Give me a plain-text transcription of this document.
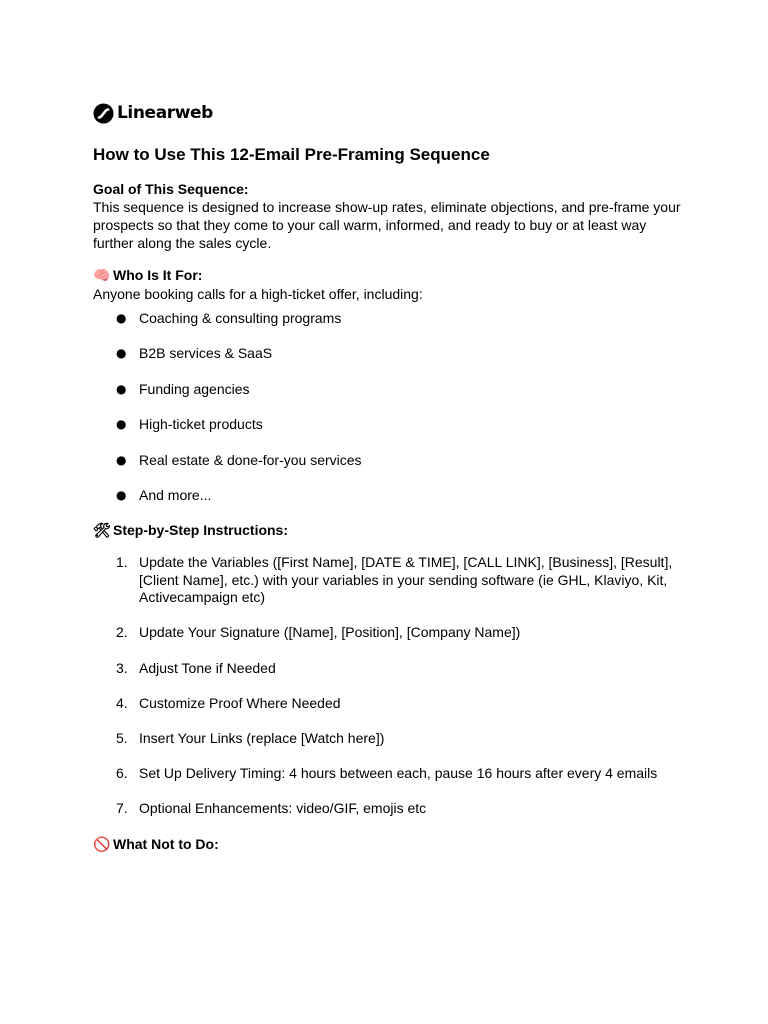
Linearweb
How to Use This 12-Email Pre-Framing Sequence

Goal of This Sequence:

This sequence is designed to increase show-up rates, eliminate objections, and pre-frame your prospects so that they come to your call warm, informed, and ready to buy or at least way further along the sales cycle.

🧠 Who Is It For:

Anyone booking calls for a high-ticket offer, including:

● Coaching & consulting programs
● B2B services & SaaS
● Funding agencies
● High-ticket products
● Real estate & done-for-you services
● And more...

🛠 Step-by-Step Instructions:

1. Update the Variables ([First Name], [DATE & TIME], [CALL LINK], [Business], [Result], [Client Name], etc.) with your variables in your sending software (ie GHL, Klaviyo, Kit, Activecampaign etc)
2. Update Your Signature ([Name], [Position], [Company Name])
3. Adjust Tone if Needed
4. Customize Proof Where Needed
5. Insert Your Links (replace [Watch here])
6. Set Up Delivery Timing: 4 hours between each, pause 16 hours after every 4 emails
7. Optional Enhancements: video/GIF, emojis etc

🚫 What Not to Do:
